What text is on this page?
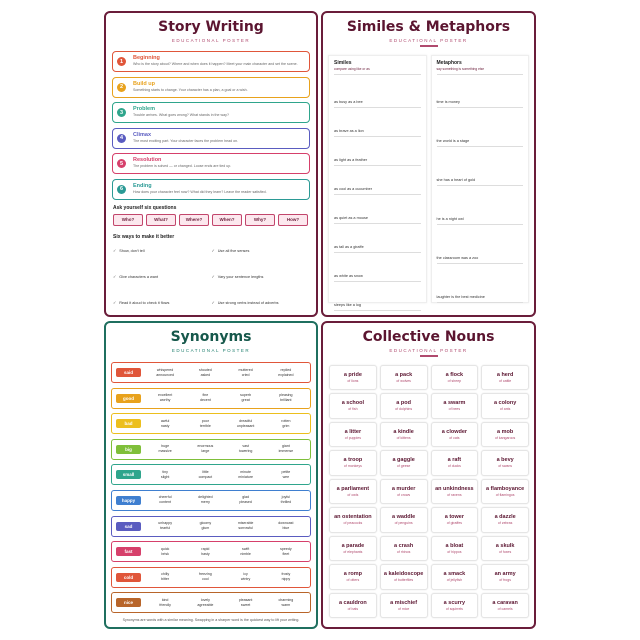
Story Writing
EDUCATIONAL POSTER
1
Beginning
Who is the story about? Where and when does it happen? Meet your main character and set the scene.
2
Build up
Something starts to change. Your character has a plan, a goal or a wish.
3
Problem
Trouble arrives. What goes wrong? What stands in the way?
4
Climax
The most exciting part. Your character faces the problem head on.
5
Resolution
The problem is solved — or changed. Loose ends are tied up.
6
Ending
How does your character feel now? What did they learn? Leave the reader satisfied.
Ask yourself six questions
Who?	What?	Where?	When?	Why?	How?
Six ways to make it better
✓ Show, don't tell	✓ Use all five senses
✓ Give characters a want	✓ Vary your sentence lengths
✓ Read it aloud to check it flows	✓ Use strong verbs instead of adverbs
Similes & Metaphors
EDUCATIONAL POSTER
Similes
compare using like or as
as busy as a bee
as brave as a lion
as light as a feather
as cool as a cucumber
as quiet as a mouse
as tall as a giraffe
as white as snow
sleeps like a log
Metaphors
say something is something else
time is money
the world is a stage
she has a heart of gold
he is a night owl
the classroom was a zoo
laughter is the best medicine
Synonyms
EDUCATIONAL POSTER
said
whispered
announced
shouted
asked
muttered
cried
replied
explained
good
excellent
worthy
fine
decent
superb
great
pleasing
brilliant
bad
awful
nasty
poor
terrible
dreadful
unpleasant
rotten
grim
big
huge
massive
enormous
large
vast
towering
giant
immense
small
tiny
slight
little
compact
minute
miniature
petite
wee
happy
cheerful
content
delighted
merry
glad
pleased
joyful
thrilled
sad
unhappy
tearful
gloomy
glum
miserable
sorrowful
downcast
blue
fast
quick
brisk
rapid
hasty
swift
nimble
speedy
fleet
cold
chilly
bitter
freezing
cool
icy
wintry
frosty
nippy
nice
kind
friendly
lovely
agreeable
pleasant
sweet
charming
warm
Synonyms are words with a similar meaning. Swapping in a sharper word is the quickest way to lift your writing.
Collective Nouns
EDUCATIONAL POSTER
a pride
of lions
a pack
of wolves
a flock
of sheep
a herd
of cattle
a school
of fish
a pod
of dolphins
a swarm
of bees
a colony
of ants
a litter
of puppies
a kindle
of kittens
a clowder
of cats
a mob
of kangaroos
a troop
of monkeys
a gaggle
of geese
a raft
of ducks
a bevy
of swans
a parliament
of owls
a murder
of crows
an unkindness
of ravens
a flamboyance
of flamingos
an ostentation
of peacocks
a waddle
of penguins
a tower
of giraffes
a dazzle
of zebras
a parade
of elephants
a crash
of rhinos
a bloat
of hippos
a skulk
of foxes
a romp
of otters
a kaleidoscope
of butterflies
a smack
of jellyfish
an army
of frogs
a cauldron
of bats
a mischief
of mice
a scurry
of squirrels
a caravan
of camels
